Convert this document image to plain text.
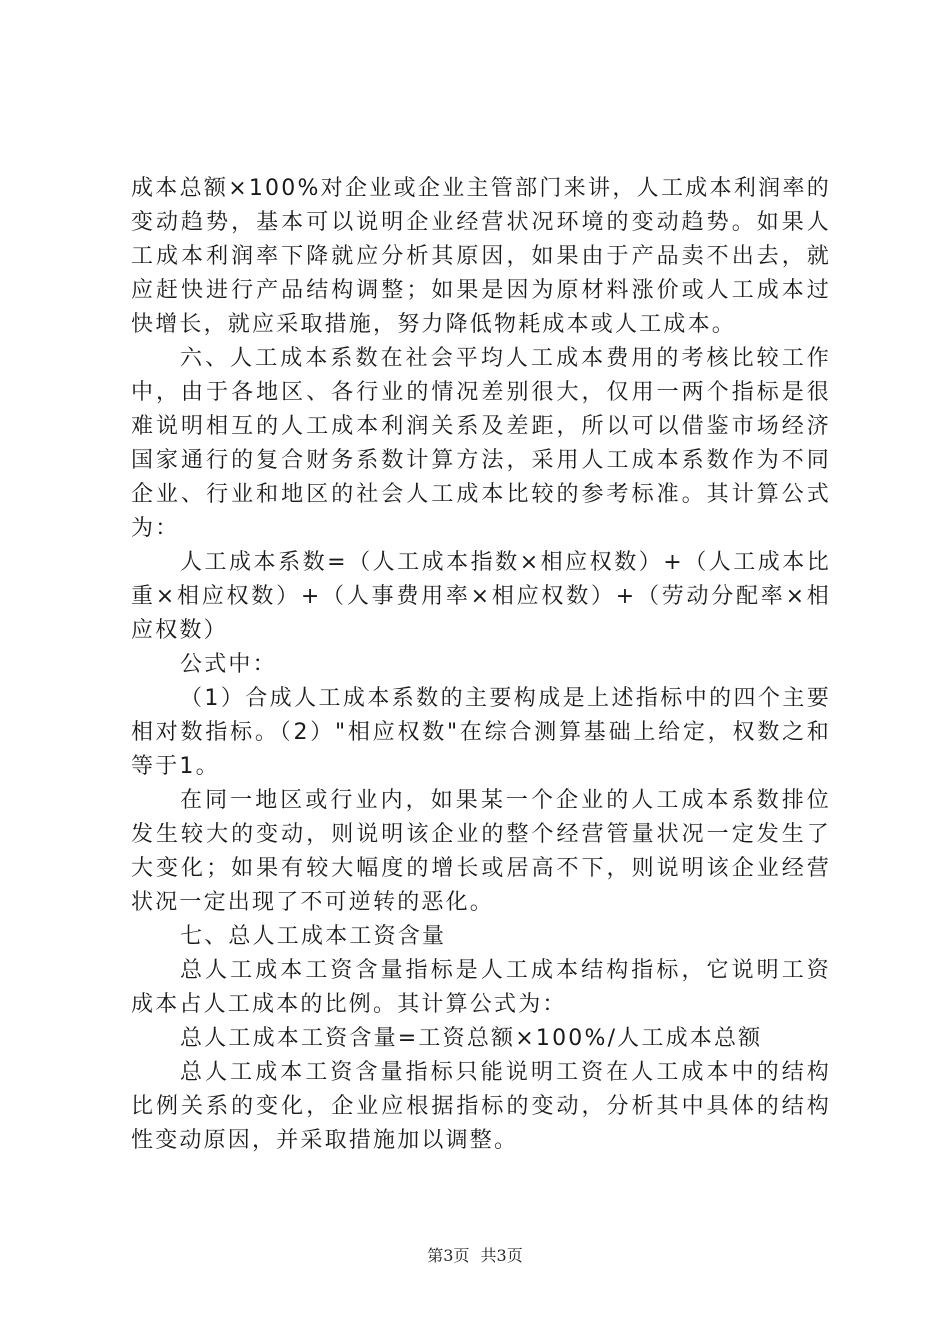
成本总额×100%对企业或企业主管部门来讲，人工成本利润率的变动趋势，基本可以说明企业经营状况环境的变动趋势。如果人工成本利润率下降就应分析其原因，如果由于产品卖不出去，就应赶快进行产品结构调整；如果是因为原材料涨价或人工成本过快增长，就应采取措施，努力降低物耗成本或人工成本。

六、人工成本系数在社会平均人工成本费用的考核比较工作中，由于各地区、各行业的情况差别很大，仅用一两个指标是很难说明相互的人工成本利润关系及差距，所以可以借鉴市场经济国家通行的复合财务系数计算方法，采用人工成本系数作为不同企业、行业和地区的社会人工成本比较的参考标准。其计算公式为：

人工成本系数=（人工成本指数×相应权数）+（人工成本比重×相应权数）+（人事费用率×相应权数）+（劳动分配率×相应权数）

公式中：

（1）合成人工成本系数的主要构成是上述指标中的四个主要相对数指标。（2）"相应权数"在综合测算基础上给定，权数之和等于1。

在同一地区或行业内，如果某一个企业的人工成本系数排位发生较大的变动，则说明该企业的整个经营管量状况一定发生了大变化；如果有较大幅度的增长或居高不下，则说明该企业经营状况一定出现了不可逆转的恶化。

七、总人工成本工资含量

总人工成本工资含量指标是人工成本结构指标，它说明工资成本占人工成本的比例。其计算公式为：

总人工成本工资含量=工资总额×100%/人工成本总额

总人工成本工资含量指标只能说明工资在人工成本中的结构比例关系的变化，企业应根据指标的变动，分析其中具体的结构性变动原因，并采取措施加以调整。

第3页 共3页
